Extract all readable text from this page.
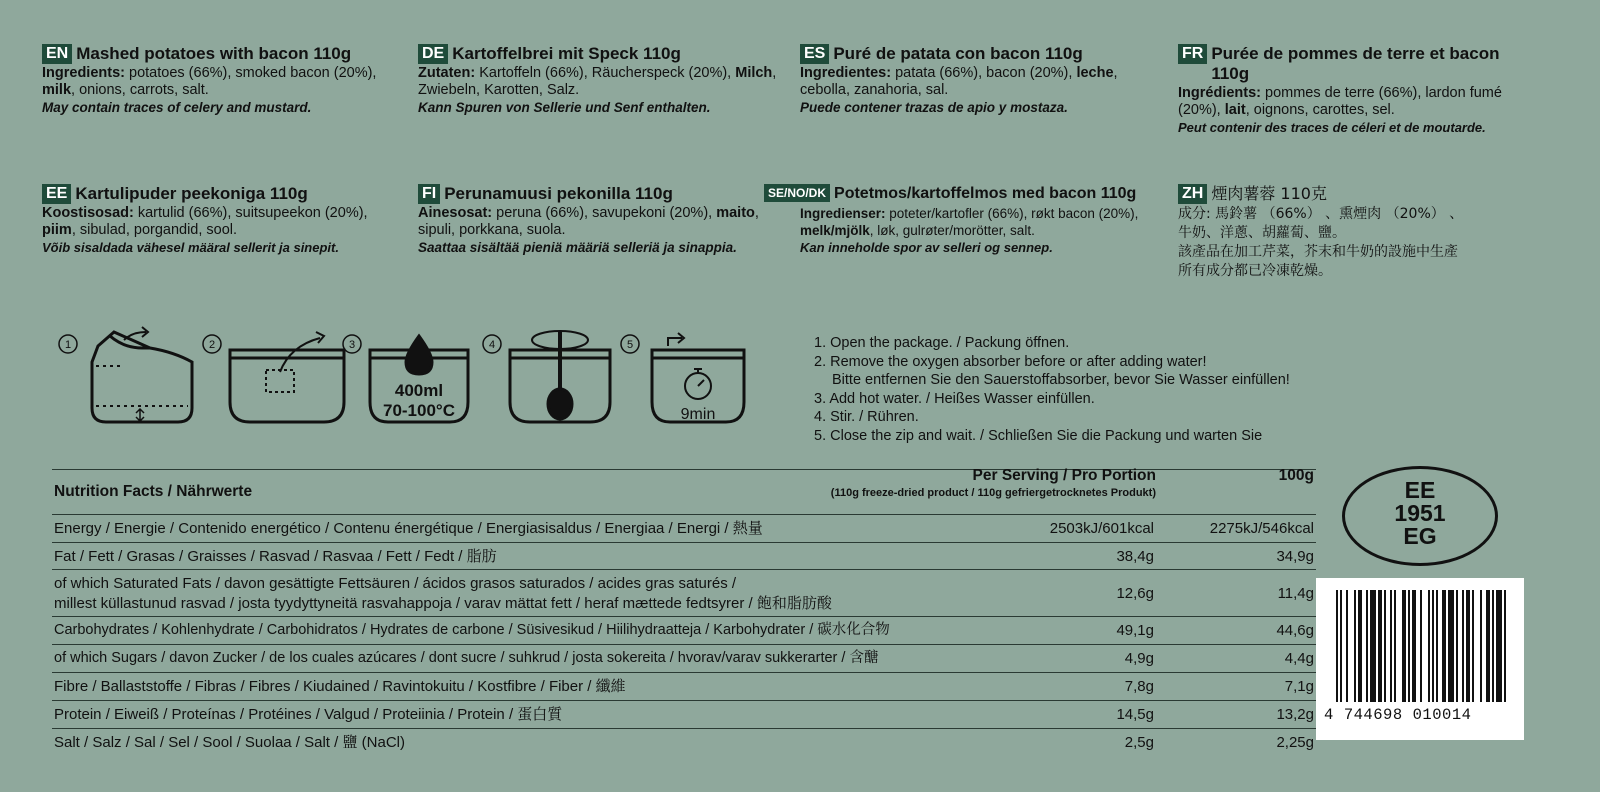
EN Mashed potatoes with bacon 110g
Ingredients: potatoes (66%), smoked bacon (20%), milk, onions, carrots, salt.
May contain traces of celery and mustard.
DE Kartoffelbrei mit Speck 110g
Zutaten: Kartoffeln (66%), Räucherspeck (20%), Milch, Zwiebeln, Karotten, Salz.
Kann Spuren von Sellerie und Senf enthalten.
ES Puré de patata con bacon 110g
Ingredientes: patata (66%), bacon (20%), leche, cebolla, zanahoria, sal.
Puede contener trazas de apio y mostaza.
FR Purée de pommes de terre et bacon 110g
Ingrédients: pommes de terre (66%), lardon fumé (20%), lait, oignons, carottes, sel.
Peut contenir des traces de céleri et de moutarde.
EE Kartulipuder peekoniga 110g
Koostisosad: kartulid (66%), suitsupeekon (20%), piim, sibulad, porgandid, sool.
Võib sisaldada vähesel määral sellerit ja sinepit.
FI Perunamuusi pekonilla 110g
Ainesosat: peruna (66%), savupekoni (20%), maito, sipuli, porkkana, suola.
Saattaa sisältää pieniä määriä selleriä ja sinappia.
SE/NO/DK Potetmos/kartoffelmos med bacon 110g
Ingredienser: poteter/kartofler (66%), røkt bacon (20%), melk/mjölk, løk, gulrøter/morötter, salt.
Kan inneholde spor av selleri og sennep.
ZH 煙肉薯蓉 110克
成分: 馬鈴薯 （66%） 、熏煙肉 （20%） 、
牛奶、洋蔥、胡蘿蔔、鹽。
該產品在加工芹菜，芥末和牛奶的設施中生產
所有成分都已冷凍乾燥。
1	2	3	4	5
400ml
70-100°C	9min
1. Open the package. / Packung öffnen.
2. Remove the oxygen absorber before or after adding water!
Bitte entfernen Sie den Sauerstoffabsorber, bevor Sie Wasser einfüllen!
3. Add hot water. / Heißes Wasser einfüllen.
4. Stir. / Rühren.
5. Close the zip and wait. / Schließen Sie die Packung und warten Sie
Nutrition Facts / Nährwerte
Per Serving / Pro Portion
(110g freeze-dried product / 110g gefriergetrocknetes Produkt)
100g
Energy / Energie / Contenido energético / Contenu énergétique / Energiasisaldus / Energiaa / Energi / 熱量	2503kJ/601kcal	2275kJ/546kcal
Fat / Fett / Grasas / Graisses / Rasvad / Rasvaa / Fett / Fedt / 脂肪	38,4g	34,9g
of which Saturated Fats / davon gesättigte Fettsäuren / ácidos grasos saturados / acides gras saturés /
millest küllastunud rasvad / josta tyydyttyneitä rasvahappoja / varav mättat fett / heraf mættede fedtsyrer / 飽和脂肪酸
12,6g	11,4g
Carbohydrates / Kohlenhydrate / Carbohidratos / Hydrates de carbone / Süsivesikud / Hiilihydraatteja / Karbohydrater / 碳水化合物	49,1g	44,6g
of which Sugars / davon Zucker / de los cuales azúcares / dont sucre / suhkrud / josta sokereita / hvorav/varav sukkerarter / 含醣	4,9g	4,4g
Fibre / Ballaststoffe / Fibras / Fibres / Kiudained / Ravintokuitu / Kostfibre / Fiber / 纖維	7,8g	7,1g
Protein / Eiweiß / Proteínas / Protéines / Valgud / Proteiinia / Protein / 蛋白質	14,5g	13,2g
Salt / Salz / Sal / Sel / Sool / Suolaa / Salt / 鹽 (NaCl)	2,5g	2,25g
EE
1951
EG
4 744698 010014
